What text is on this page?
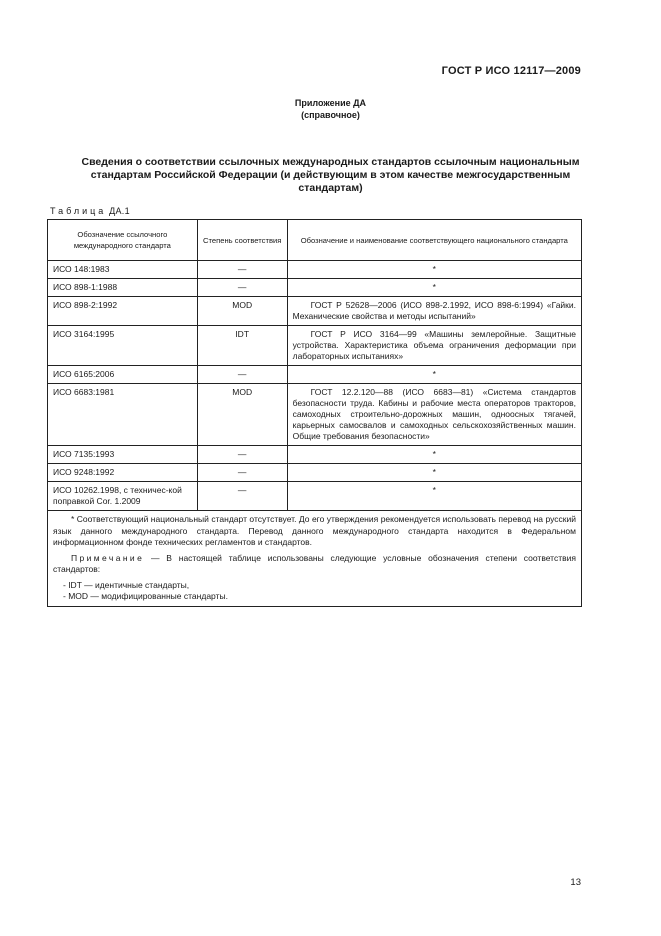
ГОСТ Р ИСО 12117—2009
Приложение ДА
(справочное)
Сведения о соответствии ссылочных международных стандартов ссылочным национальным
стандартам Российской Федерации (и действующим в этом качестве межгосударственным
стандартам)
Таблица ДА.1
Обозначение ссылочного международного стандарта	Степень соответствия	Обозначение и наименование соответствующего национального стандарта
ИСО 148:1983	—	*
ИСО 898-1:1988	—	*
ИСО 898-2:1992	MOD	ГОСТ Р 52628—2006 (ИСО 898-2.1992, ИСО 898-6:1994) «Гайки. Механические свойства и методы испытаний»
ИСО 3164:1995	IDT	ГОСТ Р ИСО 3164—99 «Машины землеройные. Защитные устройства. Характеристика объема ограничения деформации при лабораторных испытаниях»
ИСО 6165:2006	—	*
ИСО 6683:1981	MOD	ГОСТ 12.2.120—88 (ИСО 6683—81) «Система стандартов безопасности труда. Кабины и рабочие места операторов тракторов, самоходных строительно-дорожных машин, одноосных тягачей, карьерных самосвалов и самоходных сельскохозяйственных машин. Общие требования безопасности»
ИСО 7135:1993	—	*
ИСО 9248:1992	—	*
ИСО 10262.1998, с техничес-кой поправкой Cor. 1.2009	—	*

* Соответствующий национальный стандарт отсутствует. До его утверждения рекомендуется использовать перевод на русский язык данного международного стандарта. Перевод данного международного стандарта находится в Федеральном информационном фонде технических регламентов и стандартов.

Примечание — В настоящей таблице использованы следующие условные обозначения степени соответствия стандартов:

- IDT — идентичные стандарты,
- MOD — модифицированные стандарты.		
13
